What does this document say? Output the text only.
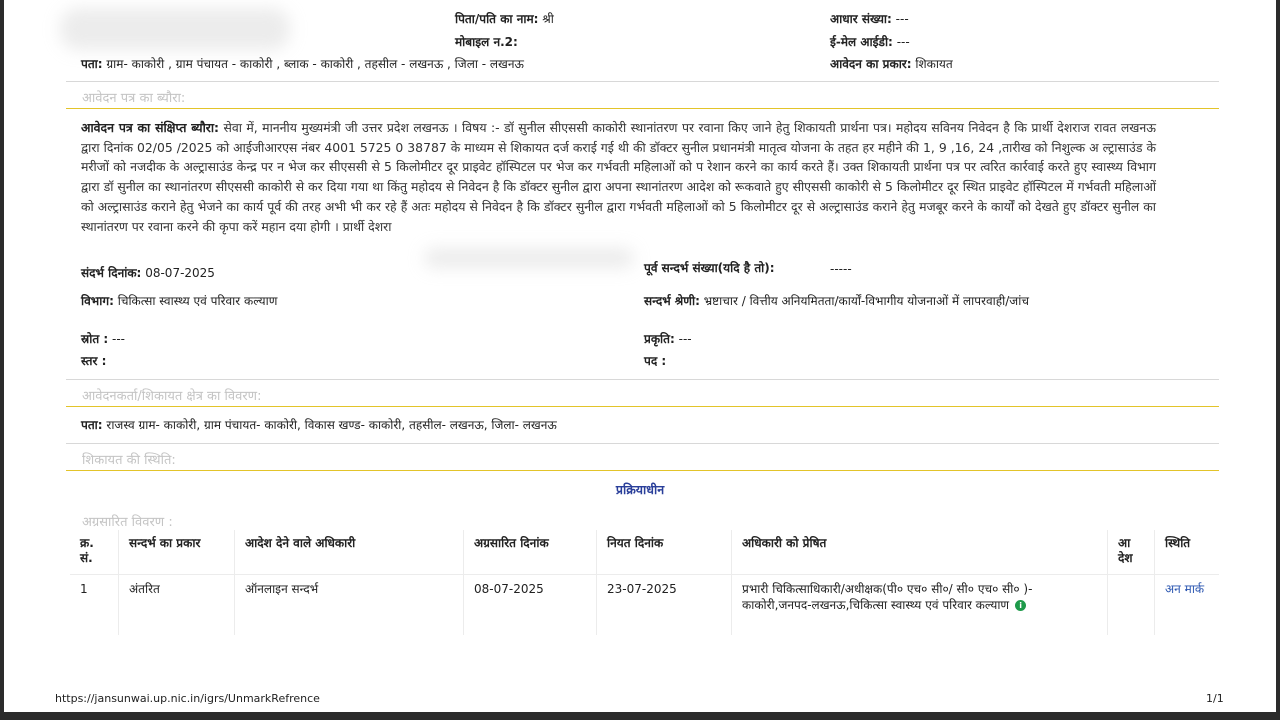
पिता/पति का नाम: श्री	आधार संख्या: ---
मोबाइल न.2:	ई-मेल आईडी: ---
पता: ग्राम- काकोरी , ग्राम पंचायत - काकोरी , ब्लाक - काकोरी , तहसील - लखनऊ , जिला - लखनऊ	आवेदन का प्रकार: शिकायत
आवेदन पत्र का ब्यौरा:
आवेदन पत्र का संक्षिप्त ब्यौरा: सेवा में, माननीय मुख्यमंत्री जी उत्तर प्रदेश लखनऊ । विषय :- डॉ सुनील सीएससी काकोरी स्थानांतरण पर रवाना किए जाने हेतु शिकायती प्रार्थना पत्र। महोदय सविनय निवेदन है कि प्रार्थी देशराज रावत लखनऊ द्वारा दिनांक 02/05 /2025 को आईजीआरएस नंबर 4001 5725 0 38787 के माध्यम से शिकायत दर्ज कराई गई थी की डॉक्टर सुनील प्रधानमंत्री मातृत्व योजना के तहत हर महीने की 1, 9 ,16, 24 ,तारीख को निशुल्क अ ल्ट्रासाउंड के मरीजों को नजदीक के अल्ट्रासाउंड केन्द्र पर न भेज कर सीएससी से 5 किलोमीटर दूर प्राइवेट हॉस्पिटल पर भेज कर गर्भवती महिलाओं को प रेशान करने का कार्य करते हैं। उक्त शिकायती प्रार्थना पत्र पर त्वरित कार्रवाई करते हुए स्वास्थ्य विभाग द्वारा डॉ सुनील का स्थानांतरण सीएससी काकोरी से कर दिया गया था किंतु महोदय से निवेदन है कि डॉक्टर सुनील द्वारा अपना स्थानांतरण आदेश को रूकवाते हुए सीएससी काकोरी से 5 किलोमीटर दूर स्थित प्राइवेट हॉस्पिटल में गर्भवती महिलाओं को अल्ट्रासाउंड कराने हेतु भेजने का कार्य पूर्व की तरह अभी भी कर रहे हैं अतः महोदय से निवेदन है कि डॉक्टर सुनील द्वारा गर्भवती महिलाओं को 5 किलोमीटर दूर से अल्ट्रासाउंड कराने हेतु मजबूर करने के कार्यों को देखते हुए डॉक्टर सुनील का स्थानांतरण पर रवाना करने की कृपा करें महान दया होगी । प्रार्थी देशरा
संदर्भ दिनांक: 08-07-2025	पूर्व सन्दर्भ संख्या(यदि है तो):	-----
विभाग: चिकित्सा स्वास्थ्य एवं परिवार कल्याण	सन्दर्भ श्रेणी: भ्रष्टाचार / वित्तीय अनियमितता/कार्यों-विभागीय योजनाओं में लापरवाही/जांच
स्रोत : ---	प्रकृति: ---
स्तर :	पद :
आवेदनकर्ता/शिकायत क्षेत्र का विवरण:
पता: राजस्व ग्राम- काकोरी, ग्राम पंचायत- काकोरी, विकास खण्ड- काकोरी, तहसील- लखनऊ, जिला- लखनऊ
शिकायत की स्थिति:
प्रक्रियाधीन
अग्रसारित विवरण :
क्र. सं.	सन्दर्भ का प्रकार	आदेश देने वाले अधिकारी	अग्रसारित दिनांक	नियत दिनांक	अधिकारी को प्रेषित	आ देश	स्थिति
1	अंतरित	ऑनलाइन सन्दर्भ	08-07-2025	23-07-2025	प्रभारी चिकित्साधिकारी/अधीक्षक(पी० एच० सी०/ सी० एच० सी० )-काकोरी,जनपद-लखनऊ,चिकित्सा स्वास्थ्य एवं परिवार कल्याण i		अन मार्क
https://jansunwai.up.nic.in/igrs/UnmarkRefrence	1/1
